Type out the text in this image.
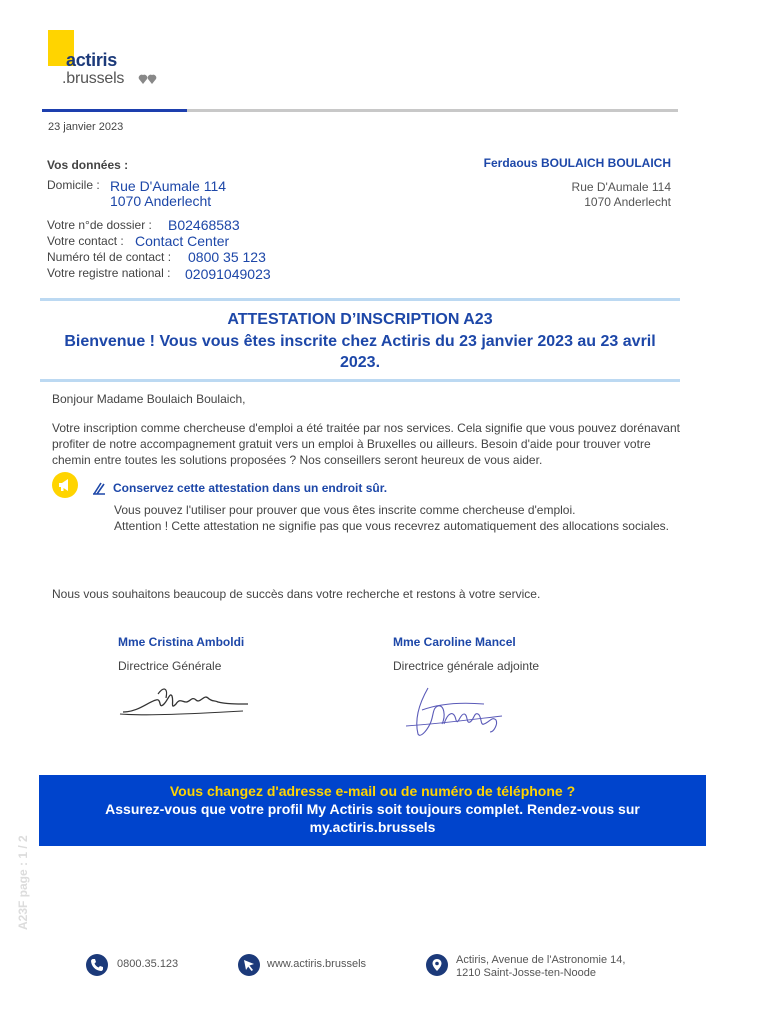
actiris
.brussels
23 janvier 2023
Vos données :
Domicile : Rue D'Aumale 114
1070 Anderlecht
Votre n°de dossier : B02468583
Votre contact : Contact Center
Numéro tél de contact : 0800 35 123
Votre registre national : 02091049023
Ferdaous BOULAICH BOULAICH
Rue D'Aumale 114
1070 Anderlecht
ATTESTATION D’INSCRIPTION A23
Bienvenue ! Vous vous êtes inscrite chez Actiris du 23 janvier 2023 au 23 avril 2023.
Bonjour Madame Boulaich Boulaich,
Votre inscription comme chercheuse d'emploi a été traitée par nos services. Cela signifie que vous pouvez dorénavant profiter de notre accompagnement gratuit vers un emploi à Bruxelles ou ailleurs. Besoin d'aide pour trouver votre chemin entre toutes les solutions proposées ? Nos conseillers seront heureux de vous aider.
Conservez cette attestation dans un endroit sûr.
Vous pouvez l'utiliser pour prouver que vous êtes inscrite comme chercheuse d'emploi.
Attention ! Cette attestation ne signifie pas que vous recevrez automatiquement des allocations sociales.
Nous vous souhaitons beaucoup de succès dans votre recherche et restons à votre service.
Mme Cristina Amboldi
Directrice Générale
Mme Caroline Mancel
Directrice générale adjointe
Vous changez d'adresse e-mail ou de numéro de téléphone ?
Assurez-vous que votre profil My Actiris soit toujours complet. Rendez-vous sur my.actiris.brussels
A23F page : 1 / 2
0800.35.123	www.actiris.brussels	Actiris, Avenue de l'Astronomie 14,
1210 Saint-Josse-ten-Noode
